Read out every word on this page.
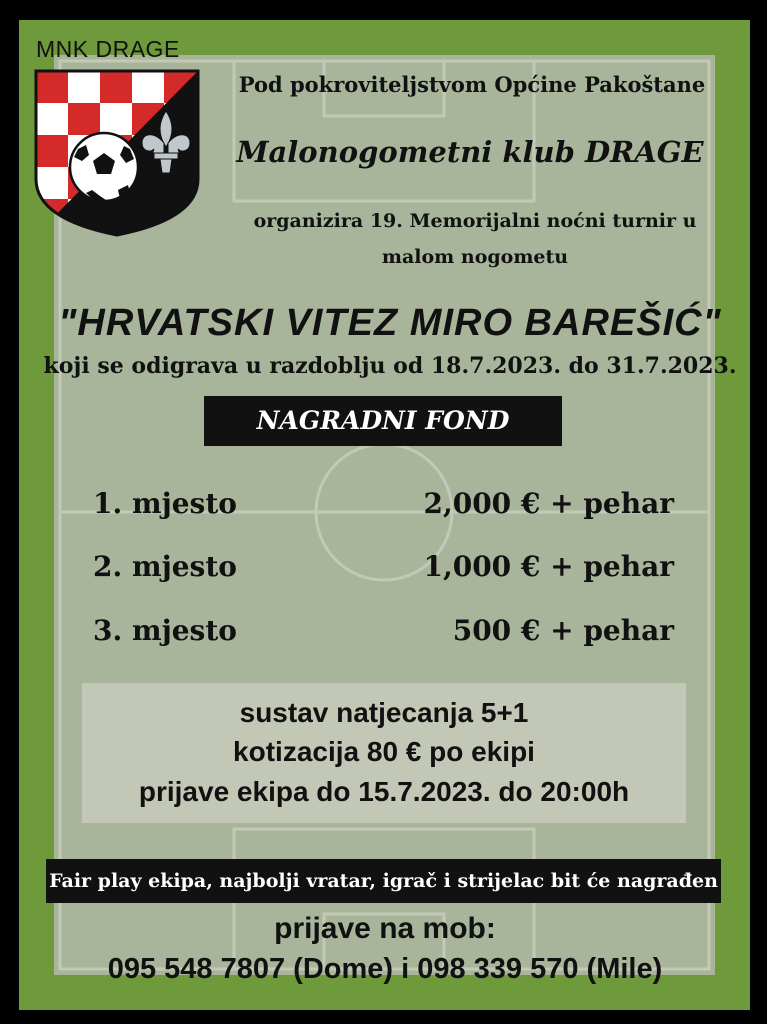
MNK DRAGE
Pod pokroviteljstvom Općine Pakoštane
Malonogometni klub DRAGE
organizira 19. Memorijalni noćni turnir u
malom nogometu
"HRVATSKI VITEZ MIRO BAREŠIĆ"
koji se odigrava u razdoblju od 18.7.2023. do 31.7.2023.
NAGRADNI FOND
1. mjesto	2,000 € + pehar
2. mjesto	1,000 € + pehar
3. mjesto	500 € + pehar
sustav natjecanja 5+1
kotizacija 80 € po ekipi
prijave ekipa do 15.7.2023. do 20:00h
Fair play ekipa, najbolji vratar, igrač i strijelac bit će nagrađen
prijave na mob:
095 548 7807 (Dome) i 098 339 570 (Mile)
